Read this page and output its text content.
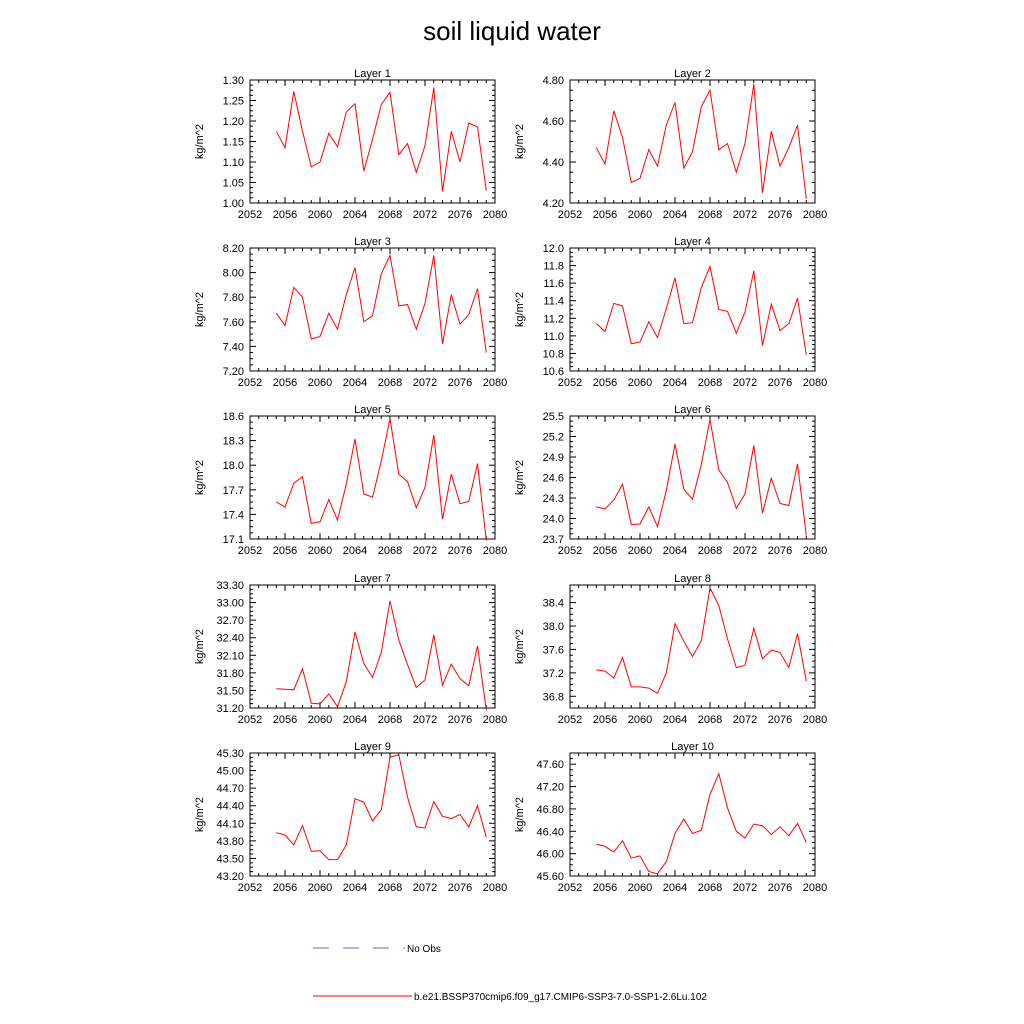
soil liquid water
Layer 1
kg/m^2
2052 2056 2060 2064 2068 2072 2076 2080
1.00
1.05
1.10
1.15
1.20
1.25
1.30
Layer 2
kg/m^2
2052 2056 2060 2064 2068 2072 2076 2080
4.20
4.40
4.60
4.80
Layer 3
kg/m^2
2052 2056 2060 2064 2068 2072 2076 2080
7.20
7.40
7.60
7.80
8.00
8.20
Layer 4
kg/m^2
2052 2056 2060 2064 2068 2072 2076 2080
10.6
10.8
11.0
11.2
11.4
11.6
11.8
12.0
Layer 5
kg/m^2
2052 2056 2060 2064 2068 2072 2076 2080
17.1
17.4
17.7
18.0
18.3
18.6
Layer 6
kg/m^2
2052 2056 2060 2064 2068 2072 2076 2080
23.7
24.0
24.3
24.6
24.9
25.2
25.5
Layer 7
kg/m^2
2052 2056 2060 2064 2068 2072 2076 2080
31.20
31.50
31.80
32.10
32.40
32.70
33.00
33.30
Layer 8
kg/m^2
2052 2056 2060 2064 2068 2072 2076 2080
36.8
37.2
37.6
38.0
38.4
Layer 9
kg/m^2
2052 2056 2060 2064 2068 2072 2076 2080
43.20
43.50
43.80
44.10
44.40
44.70
45.00
45.30
Layer 10
kg/m^2
2052 2056 2060 2064 2068 2072 2076 2080
45.60
46.00
46.40
46.80
47.20
47.60
No Obs
b.e21.BSSP370cmip6.f09_g17.CMIP6-SSP3-7.0-SSP1-2.6Lu.102
